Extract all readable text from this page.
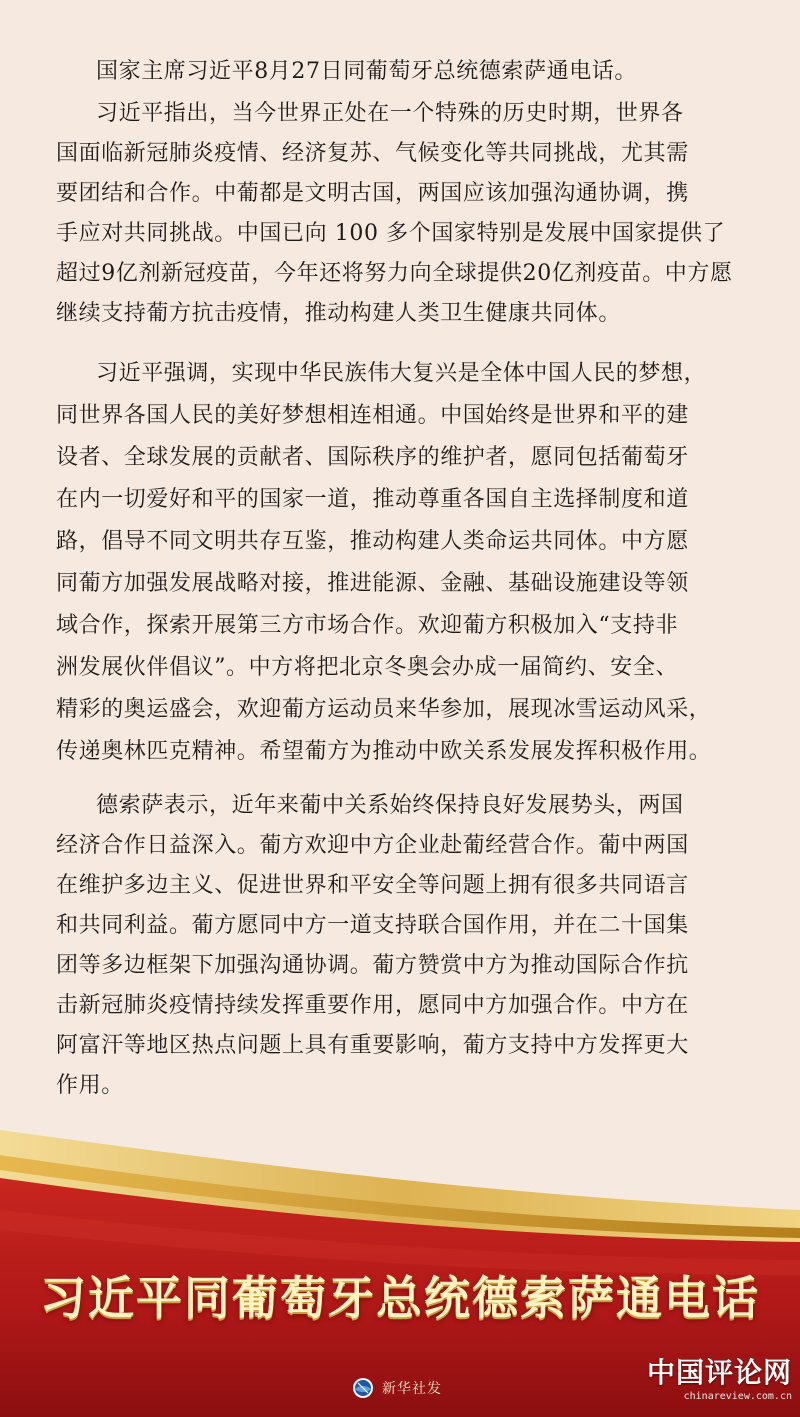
国家主席习近平8月27日同葡萄牙总统德索萨通电话。
习近平指出，当今世界正处在一个特殊的历史时期，世界各
国面临新冠肺炎疫情、经济复苏、气候变化等共同挑战，尤其需
要团结和合作。中葡都是文明古国，两国应该加强沟通协调，携
手应对共同挑战。中国已向 100 多个国家特别是发展中国家提供了
超过9亿剂新冠疫苗，今年还将努力向全球提供20亿剂疫苗。中方愿
继续支持葡方抗击疫情，推动构建人类卫生健康共同体。
习近平强调，实现中华民族伟大复兴是全体中国人民的梦想，
同世界各国人民的美好梦想相连相通。中国始终是世界和平的建
设者、全球发展的贡献者、国际秩序的维护者，愿同包括葡萄牙
在内一切爱好和平的国家一道，推动尊重各国自主选择制度和道
路，倡导不同文明共存互鉴，推动构建人类命运共同体。中方愿
同葡方加强发展战略对接，推进能源、金融、基础设施建设等领
域合作，探索开展第三方市场合作。欢迎葡方积极加入“支持非
洲发展伙伴倡议”。中方将把北京冬奥会办成一届简约、安全、
精彩的奥运盛会，欢迎葡方运动员来华参加，展现冰雪运动风采，
传递奥林匹克精神。希望葡方为推动中欧关系发展发挥积极作用。
德索萨表示，近年来葡中关系始终保持良好发展势头，两国
经济合作日益深入。葡方欢迎中方企业赴葡经营合作。葡中两国
在维护多边主义、促进世界和平安全等问题上拥有很多共同语言
和共同利益。葡方愿同中方一道支持联合国作用，并在二十国集
团等多边框架下加强沟通协调。葡方赞赏中方为推动国际合作抗
击新冠肺炎疫情持续发挥重要作用，愿同中方加强合作。中方在
阿富汗等地区热点问题上具有重要影响，葡方支持中方发挥更大
作用。
习近平同葡萄牙总统德索萨通电话
新华社发	中国评论网
chinareview.com.cn
